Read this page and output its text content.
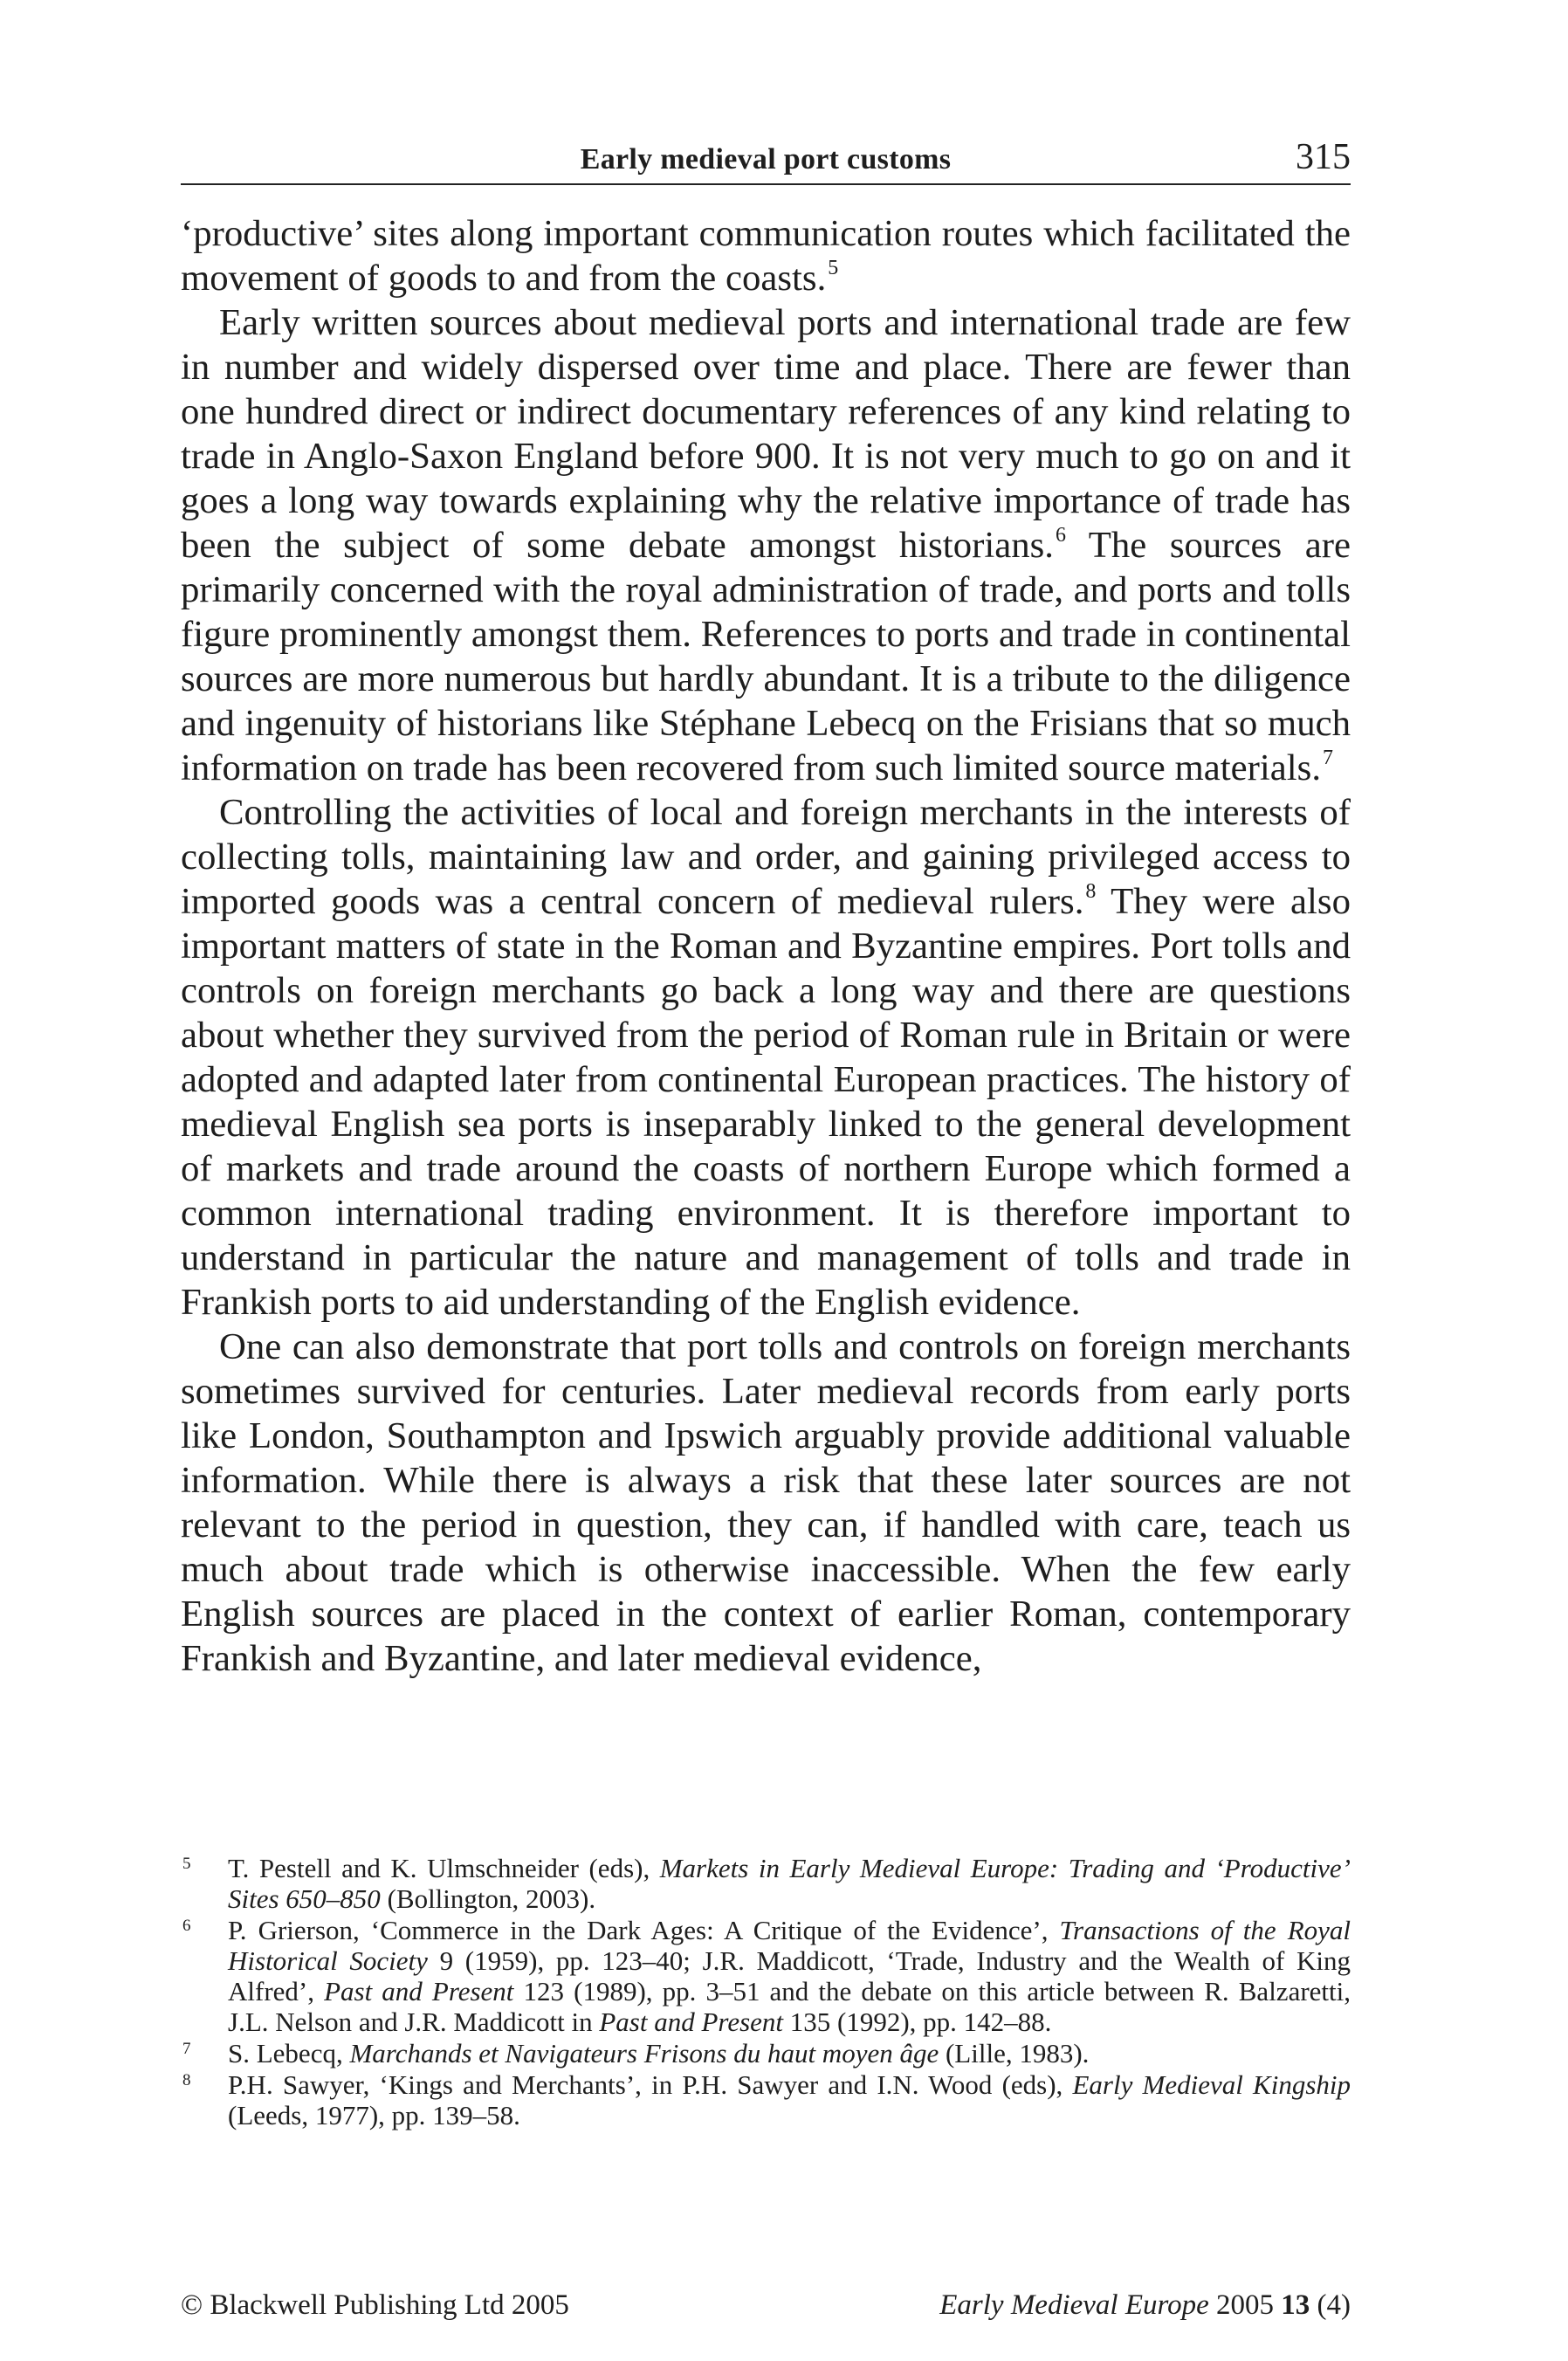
Early medieval port customs	315

‘productive’ sites along important communication routes which facilitated the movement of goods to and from the coasts.$^5$

Early written sources about medieval ports and international trade are few in number and widely dispersed over time and place. There are fewer than one hundred direct or indirect documentary references of any kind relating to trade in Anglo-Saxon England before 900. It is not very much to go on and it goes a long way towards explaining why the relative importance of trade has been the subject of some debate amongst historians.$^6$ The sources are primarily concerned with the royal administration of trade, and ports and tolls figure prominently amongst them. References to ports and trade in continental sources are more numerous but hardly abundant. It is a tribute to the diligence and ingenuity of historians like Stéphane Lebecq on the Frisians that so much information on trade has been recovered from such limited source materials.$^7$

Controlling the activities of local and foreign merchants in the interests of collecting tolls, maintaining law and order, and gaining privileged access to imported goods was a central concern of medieval rulers.$^8$ They were also important matters of state in the Roman and Byzantine empires. Port tolls and controls on foreign merchants go back a long way and there are questions about whether they survived from the period of Roman rule in Britain or were adopted and adapted later from continental European practices. The history of medieval English sea ports is inseparably linked to the general development of markets and trade around the coasts of northern Europe which formed a common international trading environment. It is therefore important to understand in particular the nature and management of tolls and trade in Frankish ports to aid understanding of the English evidence.

One can also demonstrate that port tolls and controls on foreign merchants sometimes survived for centuries. Later medieval records from early ports like London, Southampton and Ipswich arguably provide additional valuable information. While there is always a risk that these later sources are not relevant to the period in question, they can, if handled with care, teach us much about trade which is otherwise inaccessible. When the few early English sources are placed in the context of earlier Roman, contemporary Frankish and Byzantine, and later medieval evidence,

5	T. Pestell and K. Ulmschneider (eds), Markets in Early Medieval Europe: Trading and ‘Productive’ Sites 650–850 (Bollington, 2003).
6	P. Grierson, ‘Commerce in the Dark Ages: A Critique of the Evidence’, Transactions of the Royal Historical Society 9 (1959), pp. 123–40; J.R. Maddicott, ‘Trade, Industry and the Wealth of King Alfred’, Past and Present 123 (1989), pp. 3–51 and the debate on this article between R. Balzaretti, J.L. Nelson and J.R. Maddicott in Past and Present 135 (1992), pp. 142–88.
7	S. Lebecq, Marchands et Navigateurs Frisons du haut moyen âge (Lille, 1983).
8	P.H. Sawyer, ‘Kings and Merchants’, in P.H. Sawyer and I.N. Wood (eds), Early Medieval Kingship (Leeds, 1977), pp. 139–58.
© Blackwell Publishing Ltd 2005	Early Medieval Europe 2005 13 (4)
